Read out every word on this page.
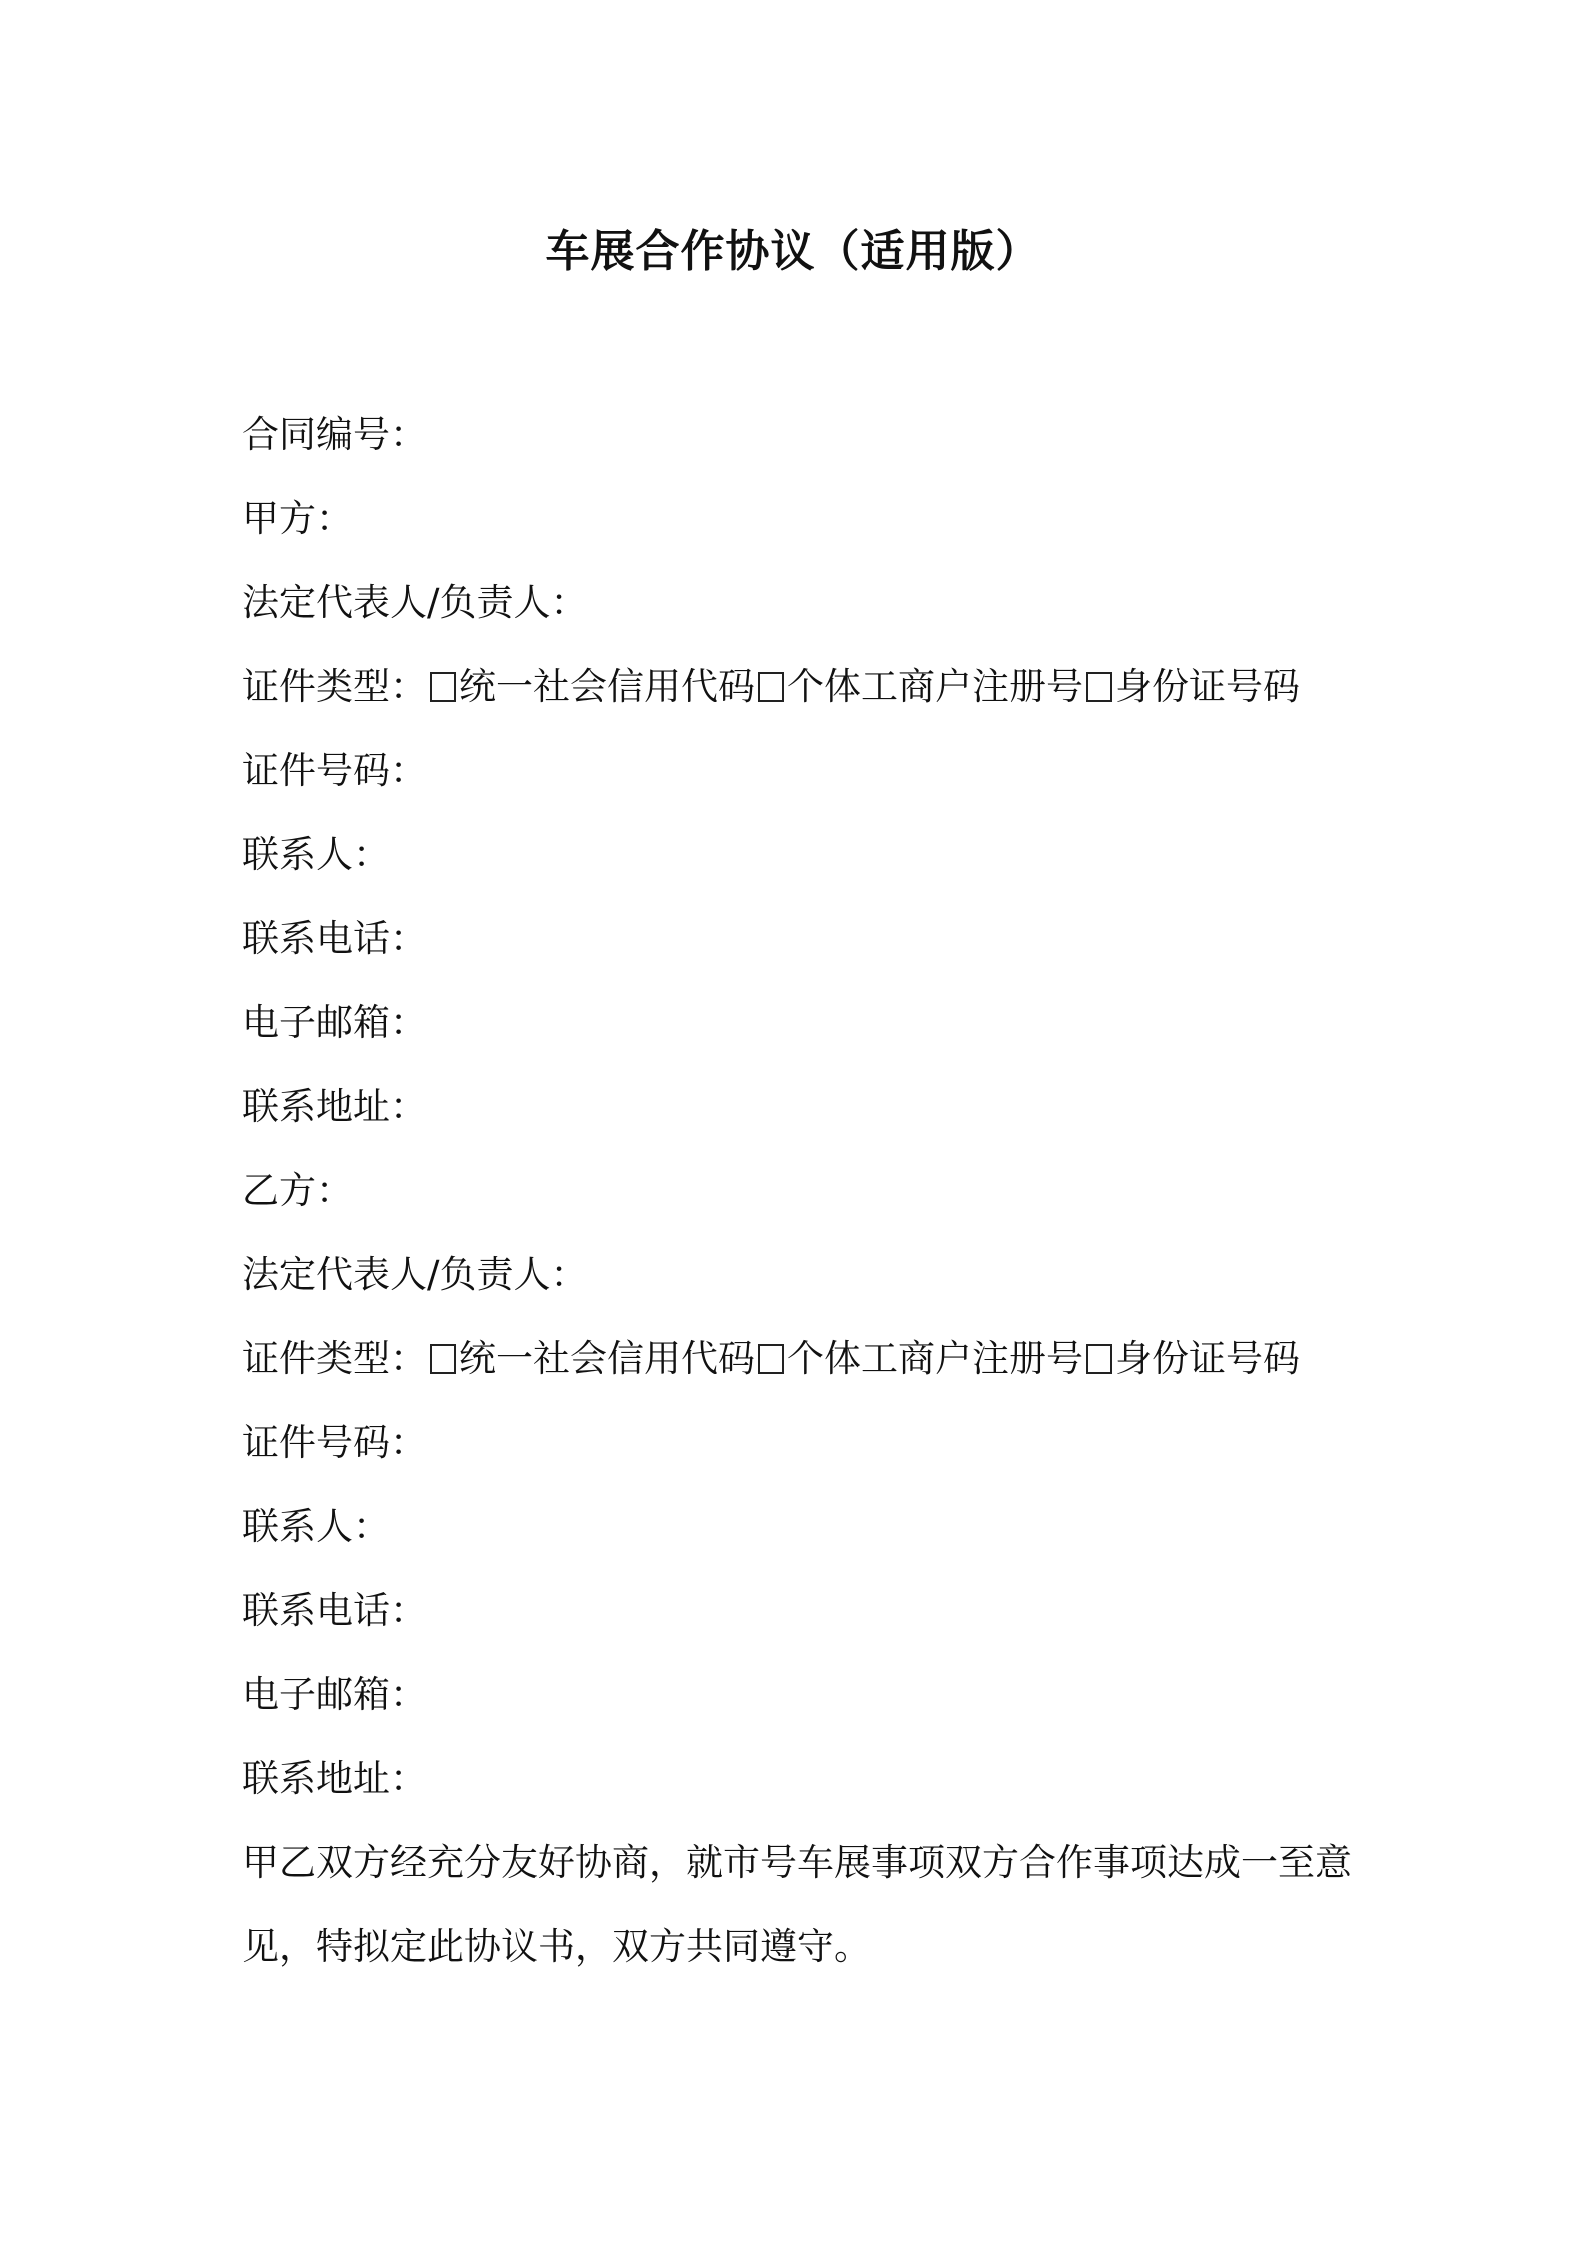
车展合作协议（适用版）
合同编号：
甲方：
法定代表人/负责人：
证件类型： 统一社会信用代码 个体工商户注册号 身份证号码
证件号码：
联系人：
联系电话：
电子邮箱：
联系地址：
乙方：
法定代表人/负责人：
证件类型： 统一社会信用代码 个体工商户注册号 身份证号码
证件号码：
联系人：
联系电话：
电子邮箱：
联系地址：
甲乙双方经充分友好协商，就市号车展事项双方合作事项达成一至意见，特拟定此协议书，双方共同遵守。
